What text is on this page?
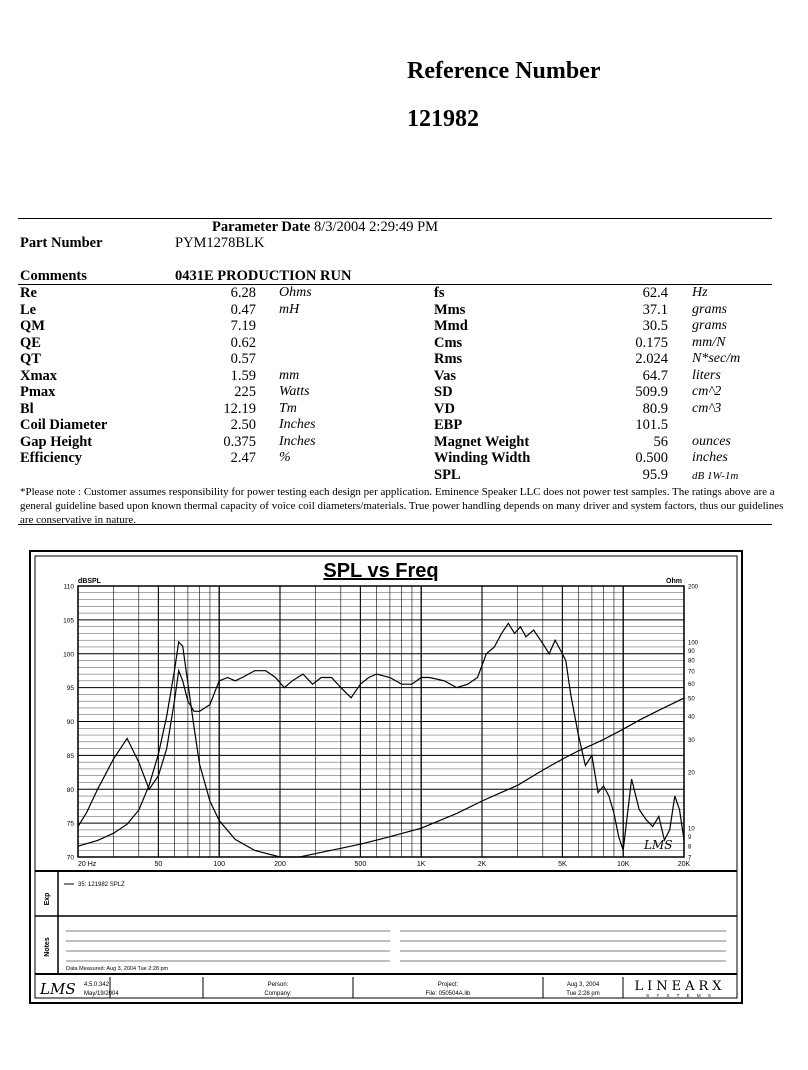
Reference Number
121982
Parameter Date 8/3/2004 2:29:49 PM
Part Number	PYM1278BLK
Comments	0431E PRODUCTION RUN
Re	6.28 Ohms
Le	0.47 mH
QM	7.19
QE	0.62
QT	0.57
Xmax	1.59 mm
Pmax	225 Watts
Bl	12.19 Tm
Coil Diameter	2.50 Inches
Gap Height	0.375 Inches
Efficiency	2.47 %
fs	62.4 Hz
Mms	37.1 grams
Mmd	30.5 grams
Cms	0.175 mm/N
Rms	2.024 N*sec/m
Vas	64.7 liters
SD	509.9 cm^2
VD	80.9 cm^3
EBP	101.5
Magnet Weight	56 ounces
Winding Width	0.500 inches
SPL	95.9 dB 1W-1m
*Please note : Customer assumes responsibility for power testing each design per application. Eminence Speaker LLC does not power test samples. The ratings above are a general guideline based upon known thermal capacity of voice coil diameters/materials. True power handling depends on many driver and system factors, thus our guidelines are conservative in nature.
SPL vs Freq
dBSPL	Ohm
20 Hz	50	100	200	500	1K	2K	5K	10K	20K
110
105
100
95
90
85
80
75
70
200
100
90
80
70
60
50
40
30
20
10
9
8
7
LMS
Exp
Notes
35: 121982 SPLZ
Data Measured: Aug 3, 2004 Tue 2:28 pm
LMS 4.5.0.342
May/19/2004
Person:
Company:
Project:
File: 050504A.lib
Aug 3, 2004
Tue 2:28 pm	LINEARX
S Y S T E M S
